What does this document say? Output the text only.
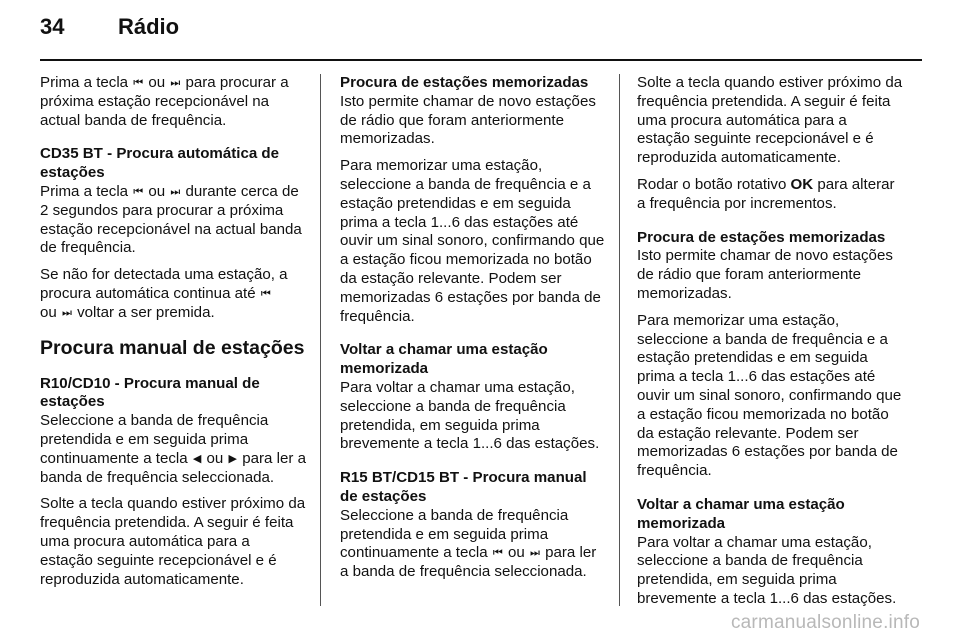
34 Rádio

Prima a tecla ⏮ ou ⏭ para procurar a próxima estação recepcionável na actual banda de frequência.

CD35 BT - Procura automática de estações
Prima a tecla ⏮ ou ⏭ durante cerca de 2 segundos para procurar a próxima estação recepcionável na actual banda de frequência.

Se não for detectada uma estação, a procura automática continua até ⏮
ou ⏭ voltar a ser premida.

Procura manual de estações

R10/CD10 - Procura manual de estações
Seleccione a banda de frequência pretendida e em seguida prima continuamente a tecla ◀ ou ▶ para ler a banda de frequência seleccionada.

Solte a tecla quando estiver próximo da frequência pretendida. A seguir é feita uma procura automática para a estação seguinte recepcionável e é reproduzida automaticamente.

Procura de estações memorizadas
Isto permite chamar de novo estações de rádio que foram anteriormente memorizadas.

Para memorizar uma estação, seleccione a banda de frequência e a estação pretendidas e em seguida prima a tecla 1...6 das estações até ouvir um sinal sonoro, confirmando que a estação ficou memorizada no botão da estação relevante. Podem ser memorizadas 6 estações por banda de frequência.

Voltar a chamar uma estação memorizada
Para voltar a chamar uma estação, seleccione a banda de frequência pretendida, em seguida prima brevemente a tecla 1...6 das estações.

R15 BT/CD15 BT - Procura manual de estações
Seleccione a banda de frequência pretendida e em seguida prima continuamente a tecla ⏮ ou ⏭ para ler a banda de frequência seleccionada.

Solte a tecla quando estiver próximo da frequência pretendida. A seguir é feita uma procura automática para a estação seguinte recepcionável e é reproduzida automaticamente.

Rodar o botão rotativo OK para alterar a frequência por incrementos.

Procura de estações memorizadas
Isto permite chamar de novo estações de rádio que foram anteriormente memorizadas.

Para memorizar uma estação, seleccione a banda de frequência e a estação pretendidas e em seguida prima a tecla 1...6 das estações até ouvir um sinal sonoro, confirmando que a estação ficou memorizada no botão da estação relevante. Podem ser memorizadas 6 estações por banda de frequência.

Voltar a chamar uma estação memorizada
Para voltar a chamar uma estação, seleccione a banda de frequência pretendida, em seguida prima brevemente a tecla 1...6 das estações.

carmanualsonline.info
